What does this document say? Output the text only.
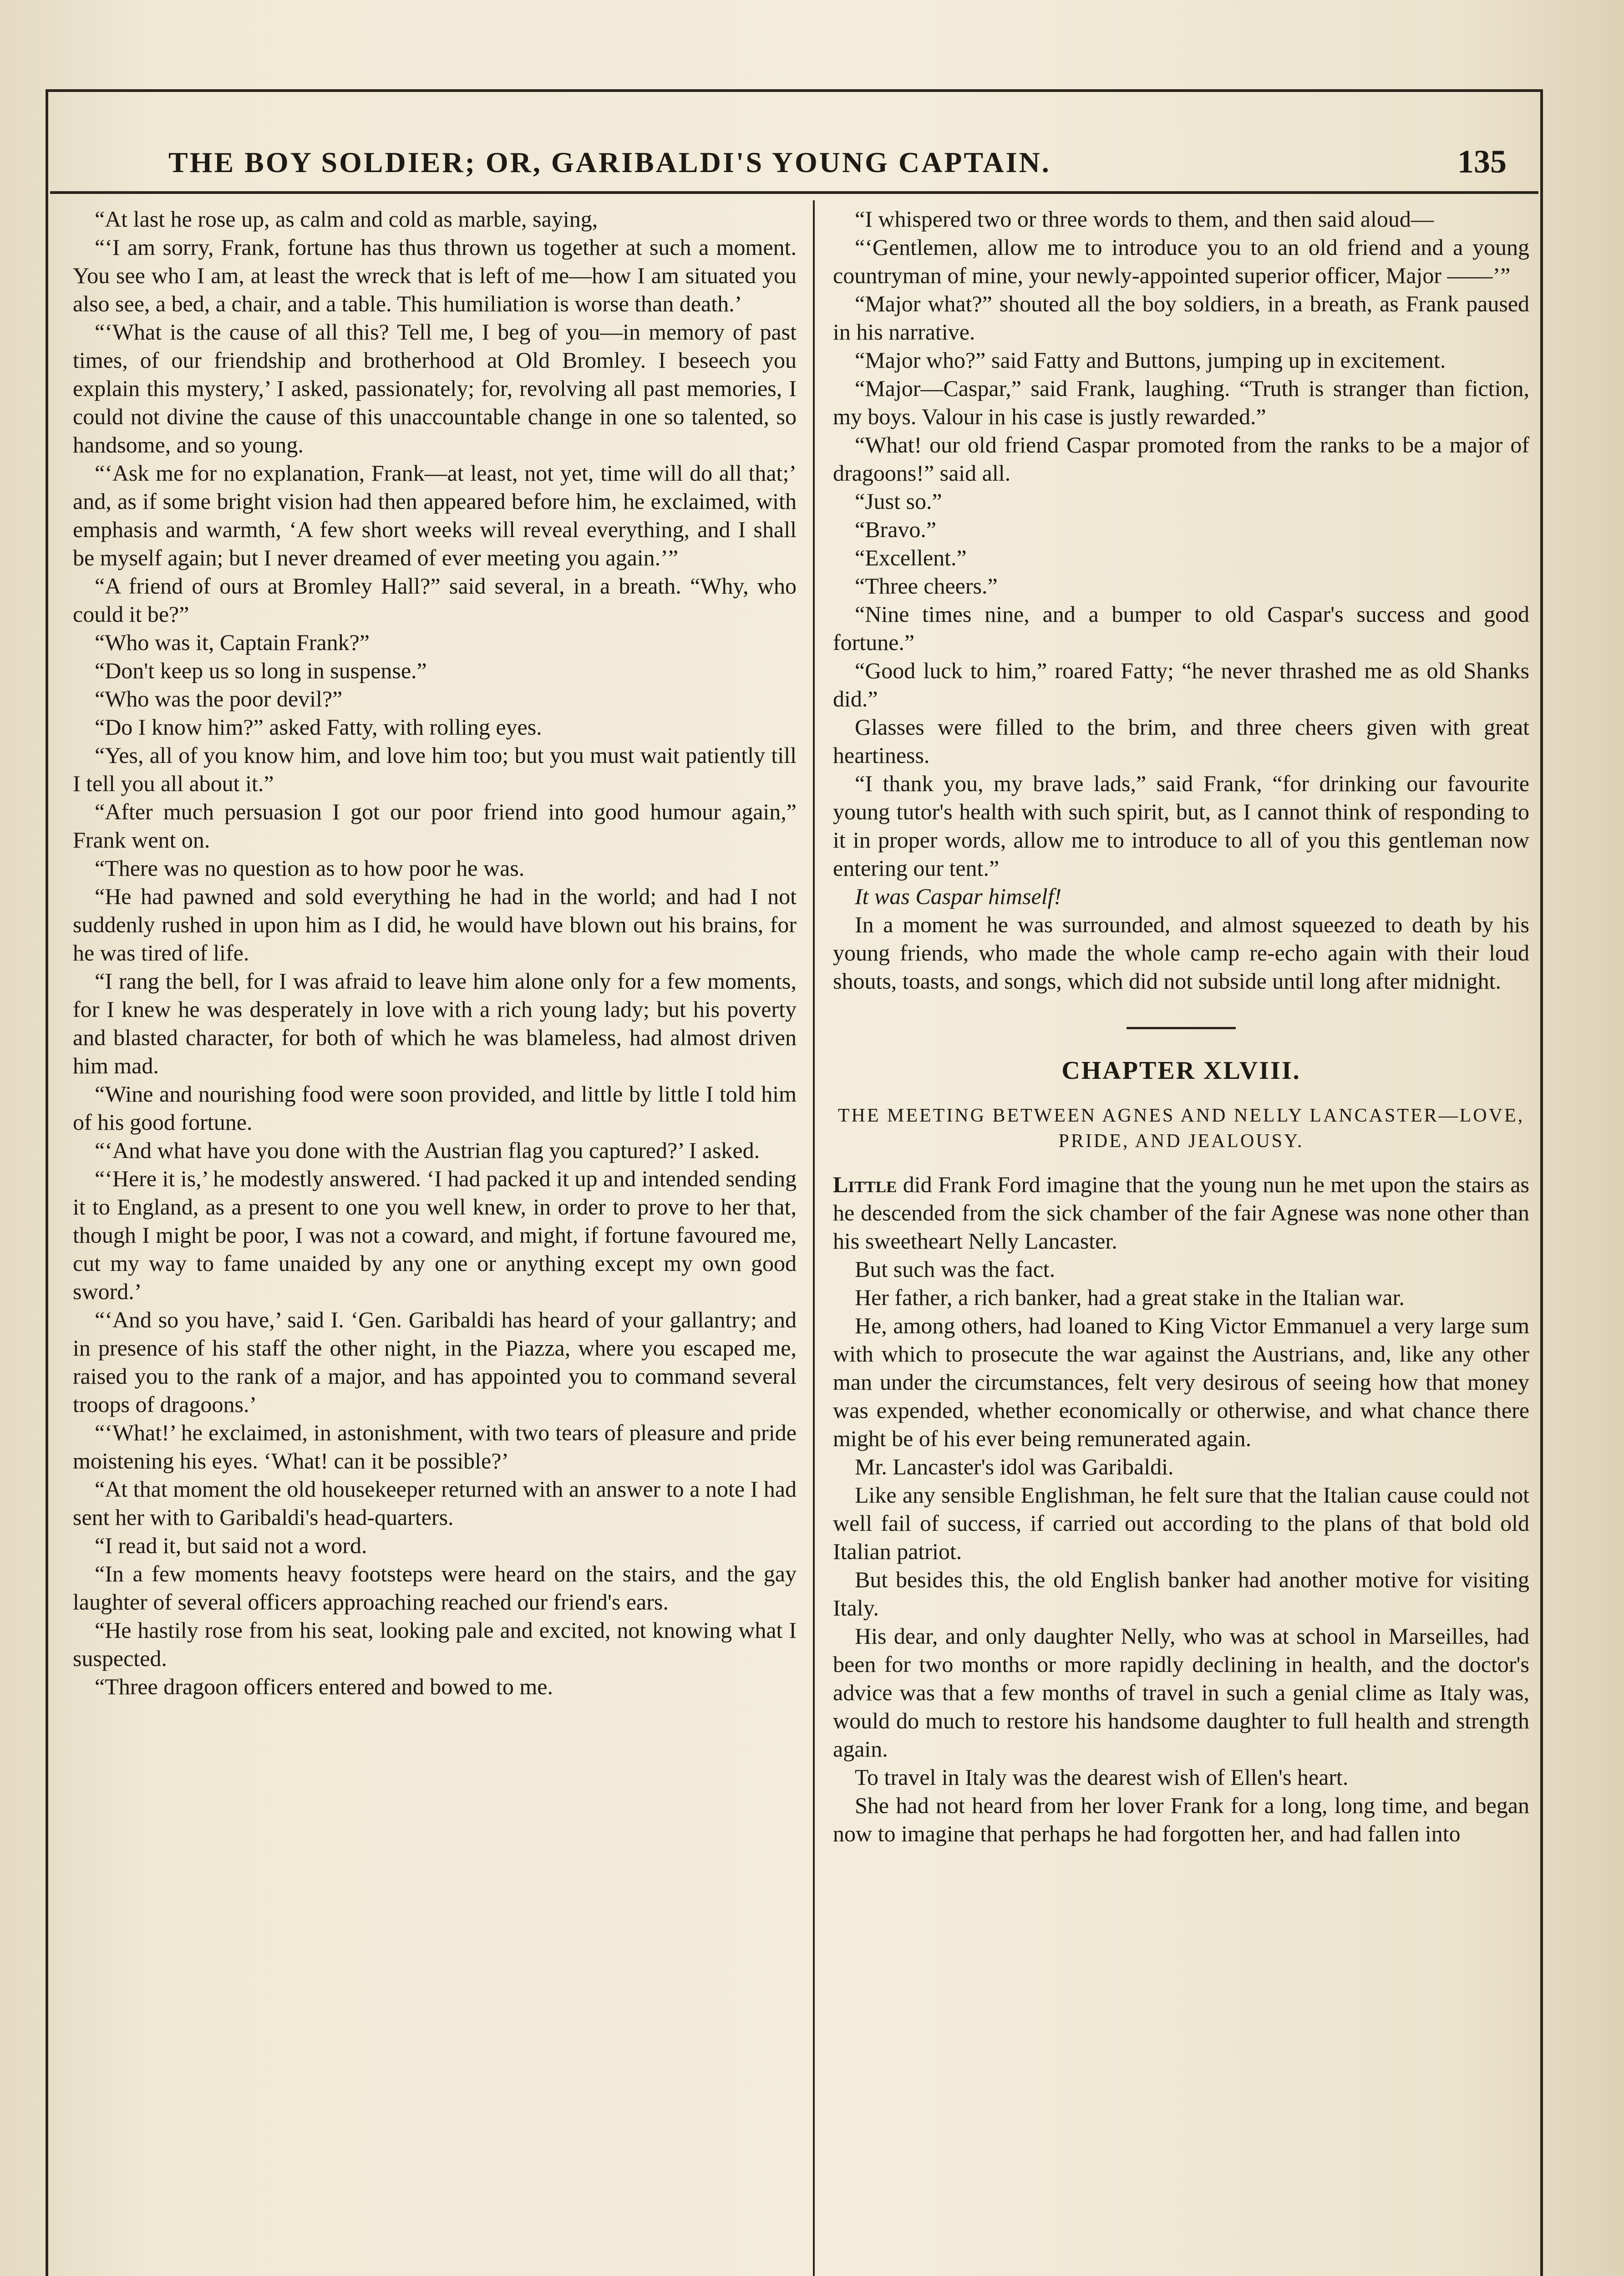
THE BOY SOLDIER; OR, GARIBALDI'S YOUNG CAPTAIN.	135

“At last he rose up, as calm and cold as marble, saying,

“‘I am sorry, Frank, fortune has thus thrown us together at such a moment. You see who I am, at least the wreck that is left of me—how I am situated you also see, a bed, a chair, and a table. This humiliation is worse than death.’

“‘What is the cause of all this? Tell me, I beg of you—in memory of past times, of our friendship and brotherhood at Old Bromley. I beseech you explain this mystery,’ I asked, passionately; for, revolving all past memories, I could not divine the cause of this unaccountable change in one so talented, so handsome, and so young.

“‘Ask me for no explanation, Frank—at least, not yet, time will do all that;’ and, as if some bright vision had then appeared before him, he exclaimed, with emphasis and warmth, ‘A few short weeks will reveal everything, and I shall be myself again; but I never dreamed of ever meeting you again.’”

“A friend of ours at Bromley Hall?” said several, in a breath. “Why, who could it be?”

“Who was it, Captain Frank?”

“Don't keep us so long in suspense.”

“Who was the poor devil?”

“Do I know him?” asked Fatty, with rolling eyes.

“Yes, all of you know him, and love him too; but you must wait patiently till I tell you all about it.”

“After much persuasion I got our poor friend into good humour again,” Frank went on.

“There was no question as to how poor he was.

“He had pawned and sold everything he had in the world; and had I not suddenly rushed in upon him as I did, he would have blown out his brains, for he was tired of life.

“I rang the bell, for I was afraid to leave him alone only for a few moments, for I knew he was desperately in love with a rich young lady; but his poverty and blasted character, for both of which he was blameless, had almost driven him mad.

“Wine and nourishing food were soon provided, and little by little I told him of his good fortune.

“‘And what have you done with the Austrian flag you captured?’ I asked.

“‘Here it is,’ he modestly answered. ‘I had packed it up and intended sending it to England, as a present to one you well knew, in order to prove to her that, though I might be poor, I was not a coward, and might, if fortune favoured me, cut my way to fame unaided by any one or anything except my own good sword.’

“‘And so you have,’ said I. ‘Gen. Garibaldi has heard of your gallantry; and in presence of his staff the other night, in the Piazza, where you escaped me, raised you to the rank of a major, and has appointed you to command several troops of dragoons.’

“‘What!’ he exclaimed, in astonishment, with two tears of pleasure and pride moistening his eyes. ‘What! can it be possible?’

“At that moment the old housekeeper returned with an answer to a note I had sent her with to Garibaldi's head-quarters.

“I read it, but said not a word.

“In a few moments heavy footsteps were heard on the stairs, and the gay laughter of several officers approaching reached our friend's ears.

“He hastily rose from his seat, looking pale and excited, not knowing what I suspected.

“Three dragoon officers entered and bowed to me.

“I whispered two or three words to them, and then said aloud—

“‘Gentlemen, allow me to introduce you to an old friend and a young countryman of mine, your newly-appointed superior officer, Major ——’”

“Major what?” shouted all the boy soldiers, in a breath, as Frank paused in his narrative.

“Major who?” said Fatty and Buttons, jumping up in excitement.

“Major—Caspar,” said Frank, laughing. “Truth is stranger than fiction, my boys. Valour in his case is justly rewarded.”

“What! our old friend Caspar promoted from the ranks to be a major of dragoons!” said all.

“Just so.”

“Bravo.”

“Excellent.”

“Three cheers.”

“Nine times nine, and a bumper to old Caspar's success and good fortune.”

“Good luck to him,” roared Fatty; “he never thrashed me as old Shanks did.”

Glasses were filled to the brim, and three cheers given with great heartiness.

“I thank you, my brave lads,” said Frank, “for drinking our favourite young tutor's health with such spirit, but, as I cannot think of responding to it in proper words, allow me to introduce to all of you this gentleman now entering our tent.”

It was Caspar himself!

In a moment he was surrounded, and almost squeezed to death by his young friends, who made the whole camp re-echo again with their loud shouts, toasts, and songs, which did not subside until long after midnight.

CHAPTER XLVIII.
THE MEETING BETWEEN AGNES AND NELLY LANCASTER—LOVE, PRIDE, AND JEALOUSY.

Little did Frank Ford imagine that the young nun he met upon the stairs as he descended from the sick chamber of the fair Agnese was none other than his sweetheart Nelly Lancaster.

But such was the fact.

Her father, a rich banker, had a great stake in the Italian war.

He, among others, had loaned to King Victor Emmanuel a very large sum with which to prosecute the war against the Austrians, and, like any other man under the circumstances, felt very desirous of seeing how that money was expended, whether economically or otherwise, and what chance there might be of his ever being remunerated again.

Mr. Lancaster's idol was Garibaldi.

Like any sensible Englishman, he felt sure that the Italian cause could not well fail of success, if carried out according to the plans of that bold old Italian patriot.

But besides this, the old English banker had another motive for visiting Italy.

His dear, and only daughter Nelly, who was at school in Marseilles, had been for two months or more rapidly declining in health, and the doctor's advice was that a few months of travel in such a genial clime as Italy was, would do much to restore his handsome daughter to full health and strength again.

To travel in Italy was the dearest wish of Ellen's heart.

She had not heard from her lover Frank for a long, long time, and began now to imagine that perhaps he had forgotten her, and had fallen into
